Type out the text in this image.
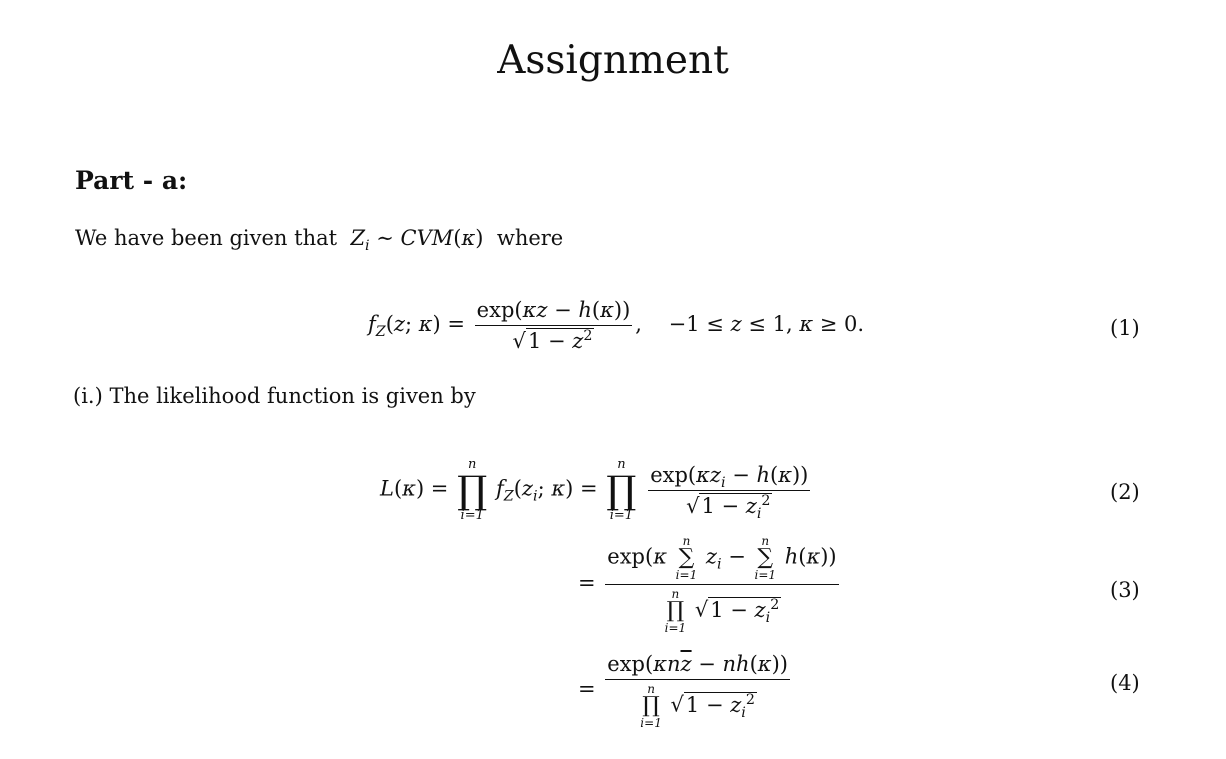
Assignment
Part - a:
We have been given that $Z_i$ ∼ CVM(κ)  where
$f_Z(z$; $\kappa) = \frac{\exp(\kappa z - h(\kappa))}{√1 - z^2}$ ,    −1 ≤ z ≤ 1, κ ≥ 0.	(1)
(i.) The likelihood function is given by
L(κ) =
n
∏
i=1
$f_Z(z_i$; κ) =
n
∏
i=1
$\frac{\exp(\kappa z_i - h(\kappa))}{√1 - z_i^2}$	(2)
= exp(κ
n
∑
i=1
$z_i$ −
n
∑
i=1
h(κ))
n
∏
i=1
$√1 - z_i^2$	(3)
= $\exp(\kappa n\overline{z} - nh(\kappa))$
n
∏
i=1
$√1 - z_i^2$	(4)
